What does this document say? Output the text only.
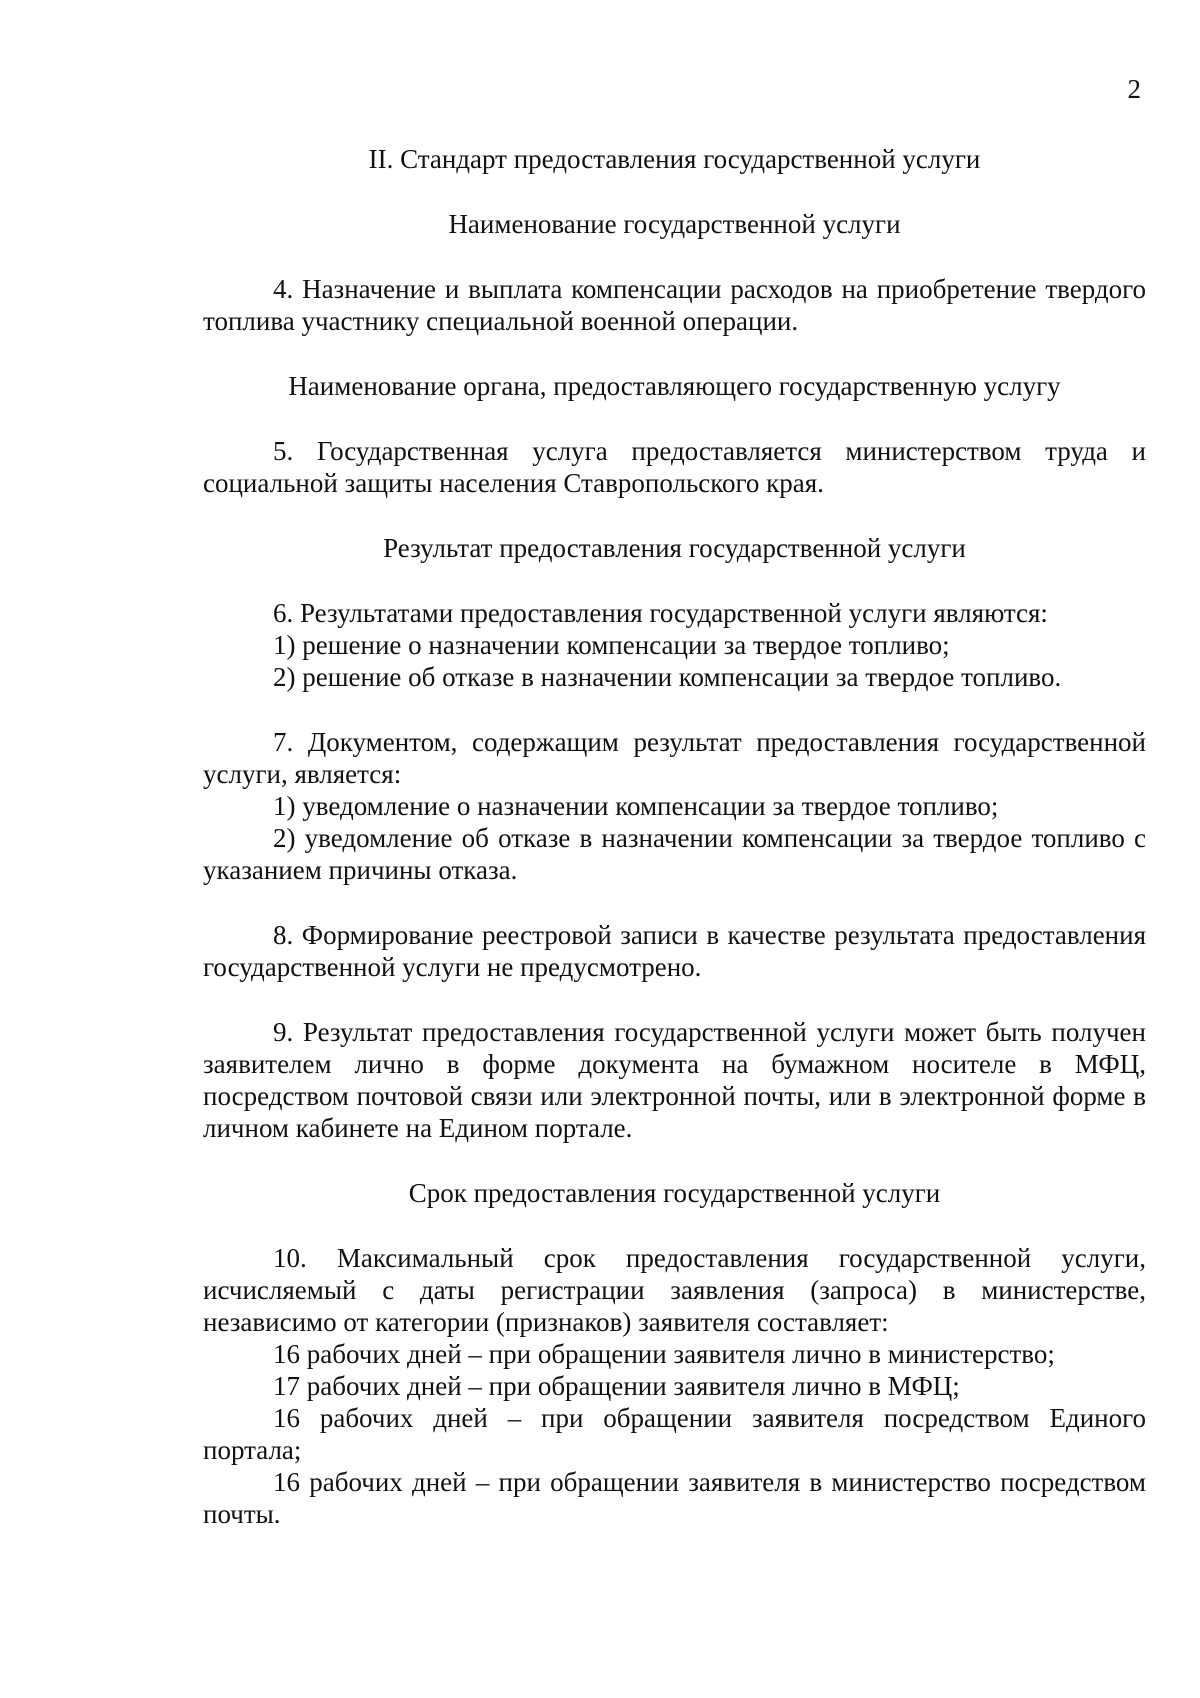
2

II. Стандарт предоставления государственной услуги

Наименование государственной услуги

4. Назначение и выплата компенсации расходов на приобретение твердого топлива участнику специальной военной операции.

Наименование органа, предоставляющего государственную услугу

5. Государственная услуга предоставляется министерством труда и социальной защиты населения Ставропольского края.

Результат предоставления государственной услуги

6. Результатами предоставления государственной услуги являются:

1) решение о назначении компенсации за твердое топливо;

2) решение об отказе в назначении компенсации за твердое топливо.

7. Документом, содержащим результат предоставления государственной услуги, является:

1) уведомление о назначении компенсации за твердое топливо;

2) уведомление об отказе в назначении компенсации за твердое топливо с указанием причины отказа.

8. Формирование реестровой записи в качестве результата предоставления государственной услуги не предусмотрено.

9. Результат предоставления государственной услуги может быть получен заявителем лично в форме документа на бумажном носителе в МФЦ, посредством почтовой связи или электронной почты, или в электронной форме в личном кабинете на Едином портале.

Срок предоставления государственной услуги

10. Максимальный срок предоставления государственной услуги, исчисляемый с даты регистрации заявления (запроса) в министерстве, независимо от категории (признаков) заявителя составляет:

16 рабочих дней – при обращении заявителя лично в министерство;

17 рабочих дней – при обращении заявителя лично в МФЦ;

16 рабочих дней – при обращении заявителя посредством Единого портала;

16 рабочих дней – при обращении заявителя в министерство посредством почты.
